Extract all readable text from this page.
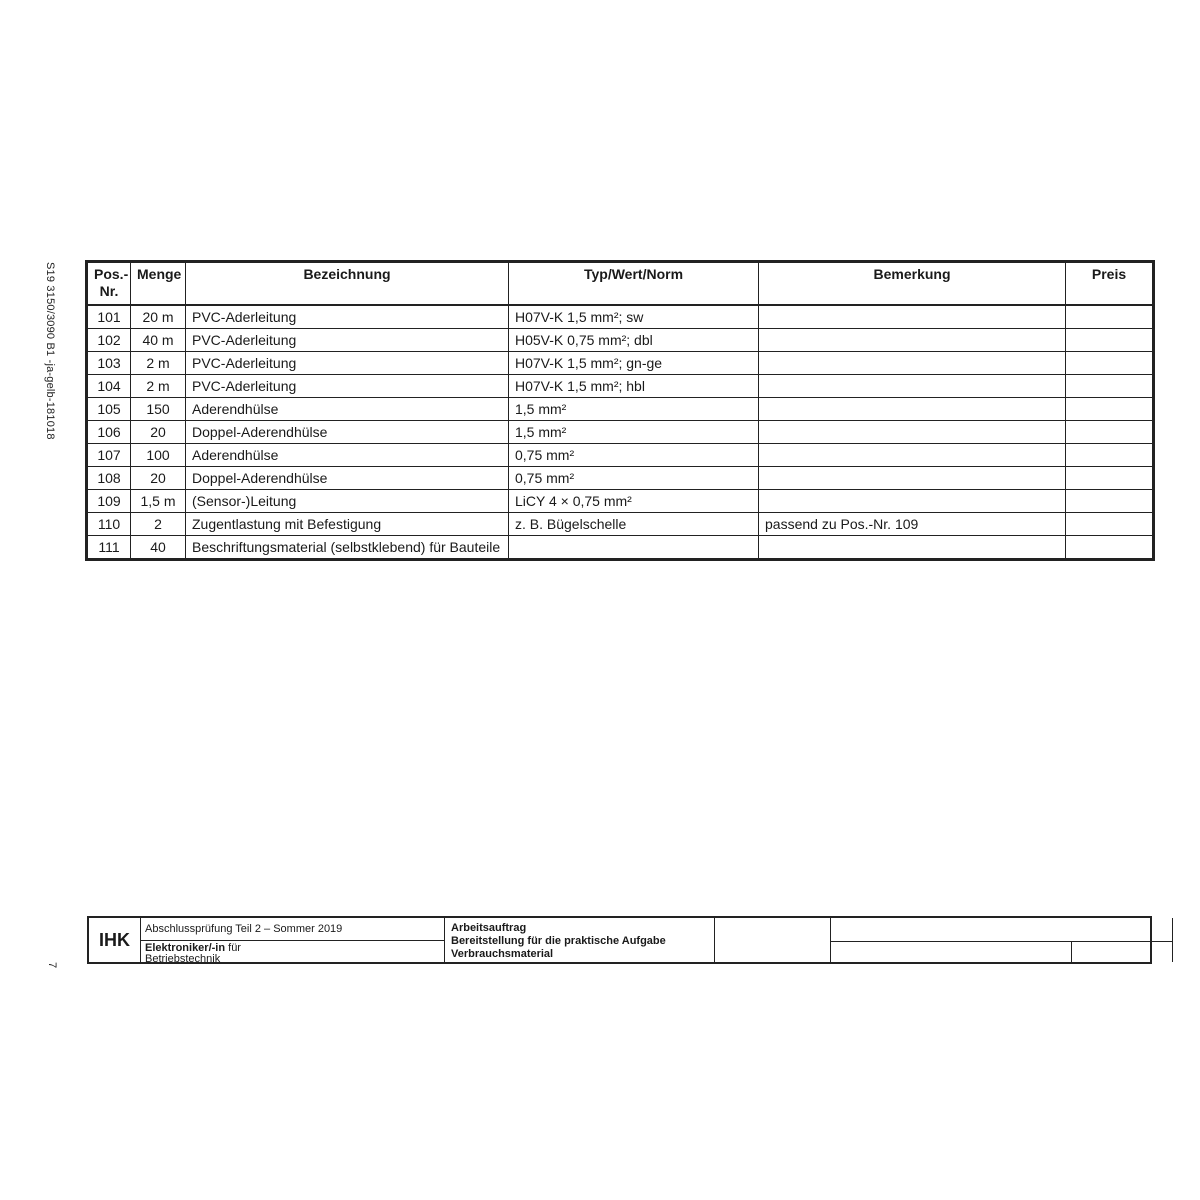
S19 3150/3090 B1 -ja-gelb-181018
7
Pos.- Nr.	Menge	Bezeichnung	Typ/Wert/Norm	Bemerkung	Preis
101	20 m	PVC-Aderleitung	H07V-K 1,5 mm²; sw		
102	40 m	PVC-Aderleitung	H05V-K 0,75 mm²; dbl		
103	2 m	PVC-Aderleitung	H07V-K 1,5 mm²; gn-ge		
104	2 m	PVC-Aderleitung	H07V-K 1,5 mm²; hbl		
105	150	Aderendhülse	1,5 mm²		
106	20	Doppel-Aderendhülse	1,5 mm²		
107	100	Aderendhülse	0,75 mm²		
108	20	Doppel-Aderendhülse	0,75 mm²		
109	1,5 m	(Sensor-)Leitung	LiCY 4 × 0,75 mm²		
110	2	Zugentlastung mit Befestigung	z. B. Bügelschelle	passend zu Pos.-Nr. 109	
111	40	Beschriftungsmaterial (selbstklebend) für Bauteile			
IHK
Abschlussprüfung Teil 2 – Sommer 2019
Elektroniker/-in für
Betriebstechnik
Arbeitsauftrag
Bereitstellung für die praktische Aufgabe
Verbrauchsmaterial
